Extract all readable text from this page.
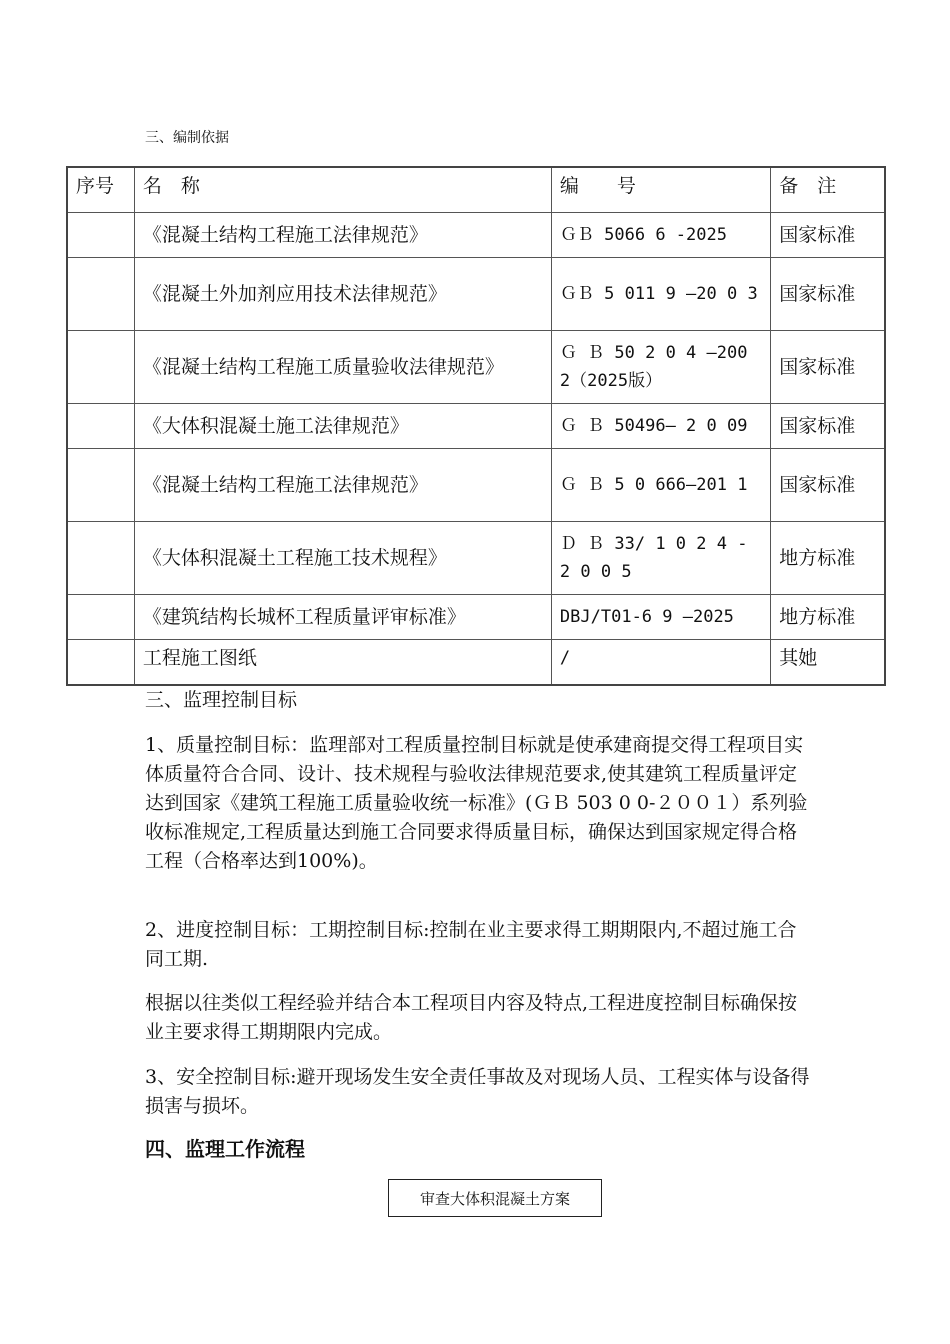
三、编制依据
序号	名　称	编　　号	备　注
	《混凝土结构工程施工法律规范》	ＧＢ 5066 6 -2025	国家标准
	《混凝土外加剂应用技术法律规范》	ＧＢ 5 011 9 —20 0 3	国家标准
	《混凝土结构工程施工质量验收法律规范》	Ｇ Ｂ 50 2 0 4 —200 2（2025版）	国家标准
	《大体积混凝土施工法律规范》	Ｇ Ｂ 50496— 2 0 09	国家标准
	《混凝土结构工程施工法律规范》	Ｇ Ｂ 5 0 666—201 1	国家标准
	《大体积混凝土工程施工技术规程》	Ｄ Ｂ 33/ 1 0 2 4 - 2 0 0 5	地方标准
	《建筑结构长城杯工程质量评审标准》	DBJ/T01-6 9 —2025	地方标准
	工程施工图纸	/	其她

三、监理控制目标

1、质量控制目标：监理部对工程质量控制目标就是使承建商提交得工程项目实体质量符合合同、设计、技术规程与验收法律规范要求,使其建筑工程质量评定达到国家《建筑工程施工质量验收统一标准》(ＧＢ 503 0 0-２００１）系列验收标准规定,工程质量达到施工合同要求得质量目标，确保达到国家规定得合格工程（合格率达到100%)。

2、进度控制目标：工期控制目标:控制在业主要求得工期期限内,不超过施工合同工期.

根据以往类似工程经验并结合本工程项目内容及特点,工程进度控制目标确保按业主要求得工期期限内完成。

3、安全控制目标:避开现场发生安全责任事故及对现场人员、工程实体与设备得损害与损坏。

四、监理工作流程
审查大体积混凝土方案
